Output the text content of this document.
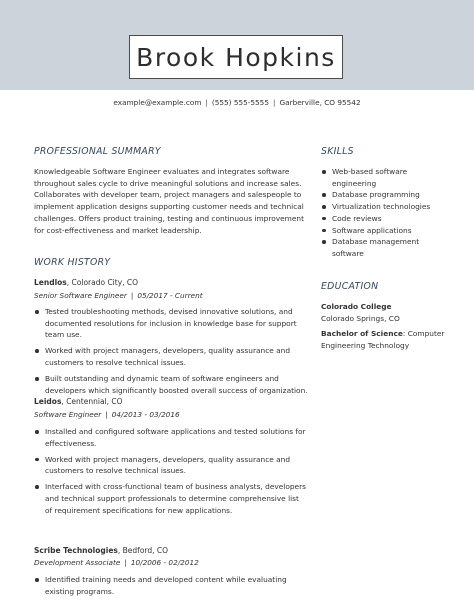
Brook Hopkins
example@example.com | (555) 555-5555 | Garberville, CO 95542
PROFESSIONAL SUMMARY
Knowledgeable Software Engineer evaluates and integrates software
throughout sales cycle to drive meaningful solutions and increase sales.
Collaborates with developer team, project managers and salespeople to
implement application designs supporting customer needs and technical
challenges. Offers product training, testing and continuous improvement
for cost-effectiveness and market leadership.
WORK HISTORY
Lendlos, Colorado City, CO
Senior Software Engineer | 05/2017 - Current
Tested troubleshooting methods, devised innovative solutions, and
documented resolutions for inclusion in knowledge base for support
team use.
Worked with project managers, developers, quality assurance and
customers to resolve technical issues.
Built outstanding and dynamic team of software engineers and
developers which significantly boosted overall success of organization.
Leidos, Centennial, CO
Software Engineer | 04/2013 - 03/2016
Installed and configured software applications and tested solutions for
effectiveness.
Worked with project managers, developers, quality assurance and
customers to resolve technical issues.
Interfaced with cross-functional team of business analysts, developers
and technical support professionals to determine comprehensive list
of requirement specifications for new applications.
Scribe Technologies, Bedford, CO
Development Associate | 10/2006 - 02/2012
Identified training needs and developed content while evaluating
existing programs.
SKILLS
Web-based software
engineering
Database programming
Virtualization technologies
Code reviews
Software applications
Database management
software
EDUCATION
Colorado College
Colorado Springs, CO
Bachelor of Science: Computer
Engineering Technology
